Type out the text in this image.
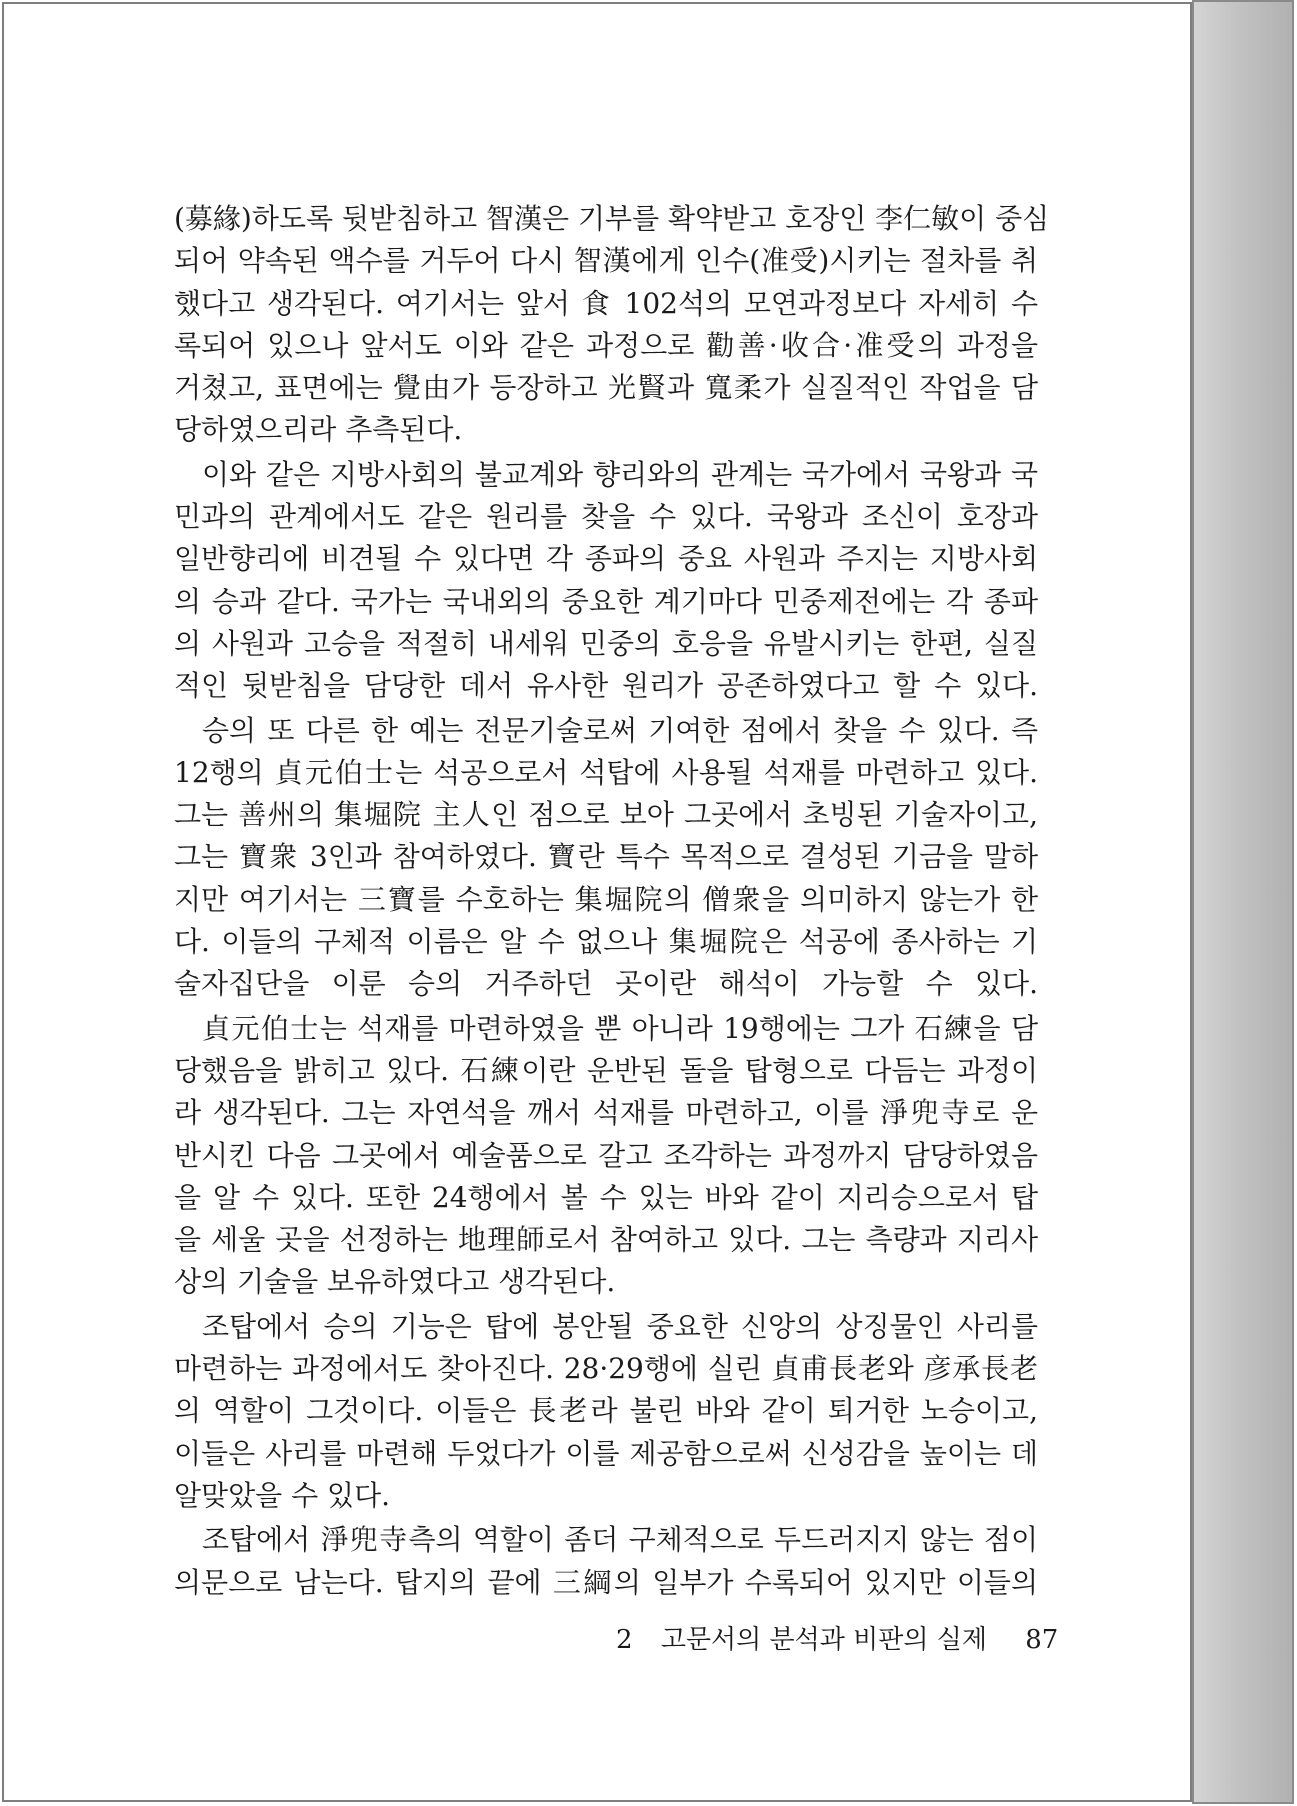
(募緣)하도록 뒷받침하고 智漢은 기부를 확약받고 호장인 李仁敏이 중심
되어 약속된 액수를 거두어 다시 智漢에게 인수(准受)시키는 절차를 취
했다고 생각된다. 여기서는 앞서 食 102석의 모연과정보다 자세히 수
록되어 있으나 앞서도 이와 같은 과정으로 勸善·收合·准受의 과정을
거쳤고, 표면에는 覺由가 등장하고 光賢과 寬柔가 실질적인 작업을 담
당하였으리라 추측된다.
이와 같은 지방사회의 불교계와 향리와의 관계는 국가에서 국왕과 국
민과의 관계에서도 같은 원리를 찾을 수 있다. 국왕과 조신이 호장과
일반향리에 비견될 수 있다면 각 종파의 중요 사원과 주지는 지방사회
의 승과 같다. 국가는 국내외의 중요한 계기마다 민중제전에는 각 종파
의 사원과 고승을 적절히 내세워 민중의 호응을 유발시키는 한편, 실질
적인 뒷받침을 담당한 데서 유사한 원리가 공존하였다고 할 수 있다.
승의 또 다른 한 예는 전문기술로써 기여한 점에서 찾을 수 있다. 즉
12행의 貞元伯士는 석공으로서 석탑에 사용될 석재를 마련하고 있다.
그는 善州의 集堀院 主人인 점으로 보아 그곳에서 초빙된 기술자이고,
그는 寶衆 3인과 참여하였다. 寶란 특수 목적으로 결성된 기금을 말하
지만 여기서는 三寶를 수호하는 集堀院의 僧衆을 의미하지 않는가 한
다. 이들의 구체적 이름은 알 수 없으나 集堀院은 석공에 종사하는 기
술자집단을 이룬 승의 거주하던 곳이란 해석이 가능할 수 있다.
貞元伯士는 석재를 마련하였을 뿐 아니라 19행에는 그가 石練을 담
당했음을 밝히고 있다. 石練이란 운반된 돌을 탑형으로 다듬는 과정이
라 생각된다. 그는 자연석을 깨서 석재를 마련하고, 이를 淨兜寺로 운
반시킨 다음 그곳에서 예술품으로 갈고 조각하는 과정까지 담당하였음
을 알 수 있다. 또한 24행에서 볼 수 있는 바와 같이 지리승으로서 탑
을 세울 곳을 선정하는 地理師로서 참여하고 있다. 그는 측량과 지리사
상의 기술을 보유하였다고 생각된다.
조탑에서 승의 기능은 탑에 봉안될 중요한 신앙의 상징물인 사리를
마련하는 과정에서도 찾아진다. 28·29행에 실린 貞甫長老와 彦承長老
의 역할이 그것이다. 이들은 長老라 불린 바와 같이 퇴거한 노승이고,
이들은 사리를 마련해 두었다가 이를 제공함으로써 신성감을 높이는 데
알맞았을 수 있다.
조탑에서 淨兜寺측의 역할이 좀더 구체적으로 두드러지지 않는 점이
의문으로 남는다. 탑지의 끝에 三綱의 일부가 수록되어 있지만 이들의
2 고문서의 분석과 비판의 실제 87
